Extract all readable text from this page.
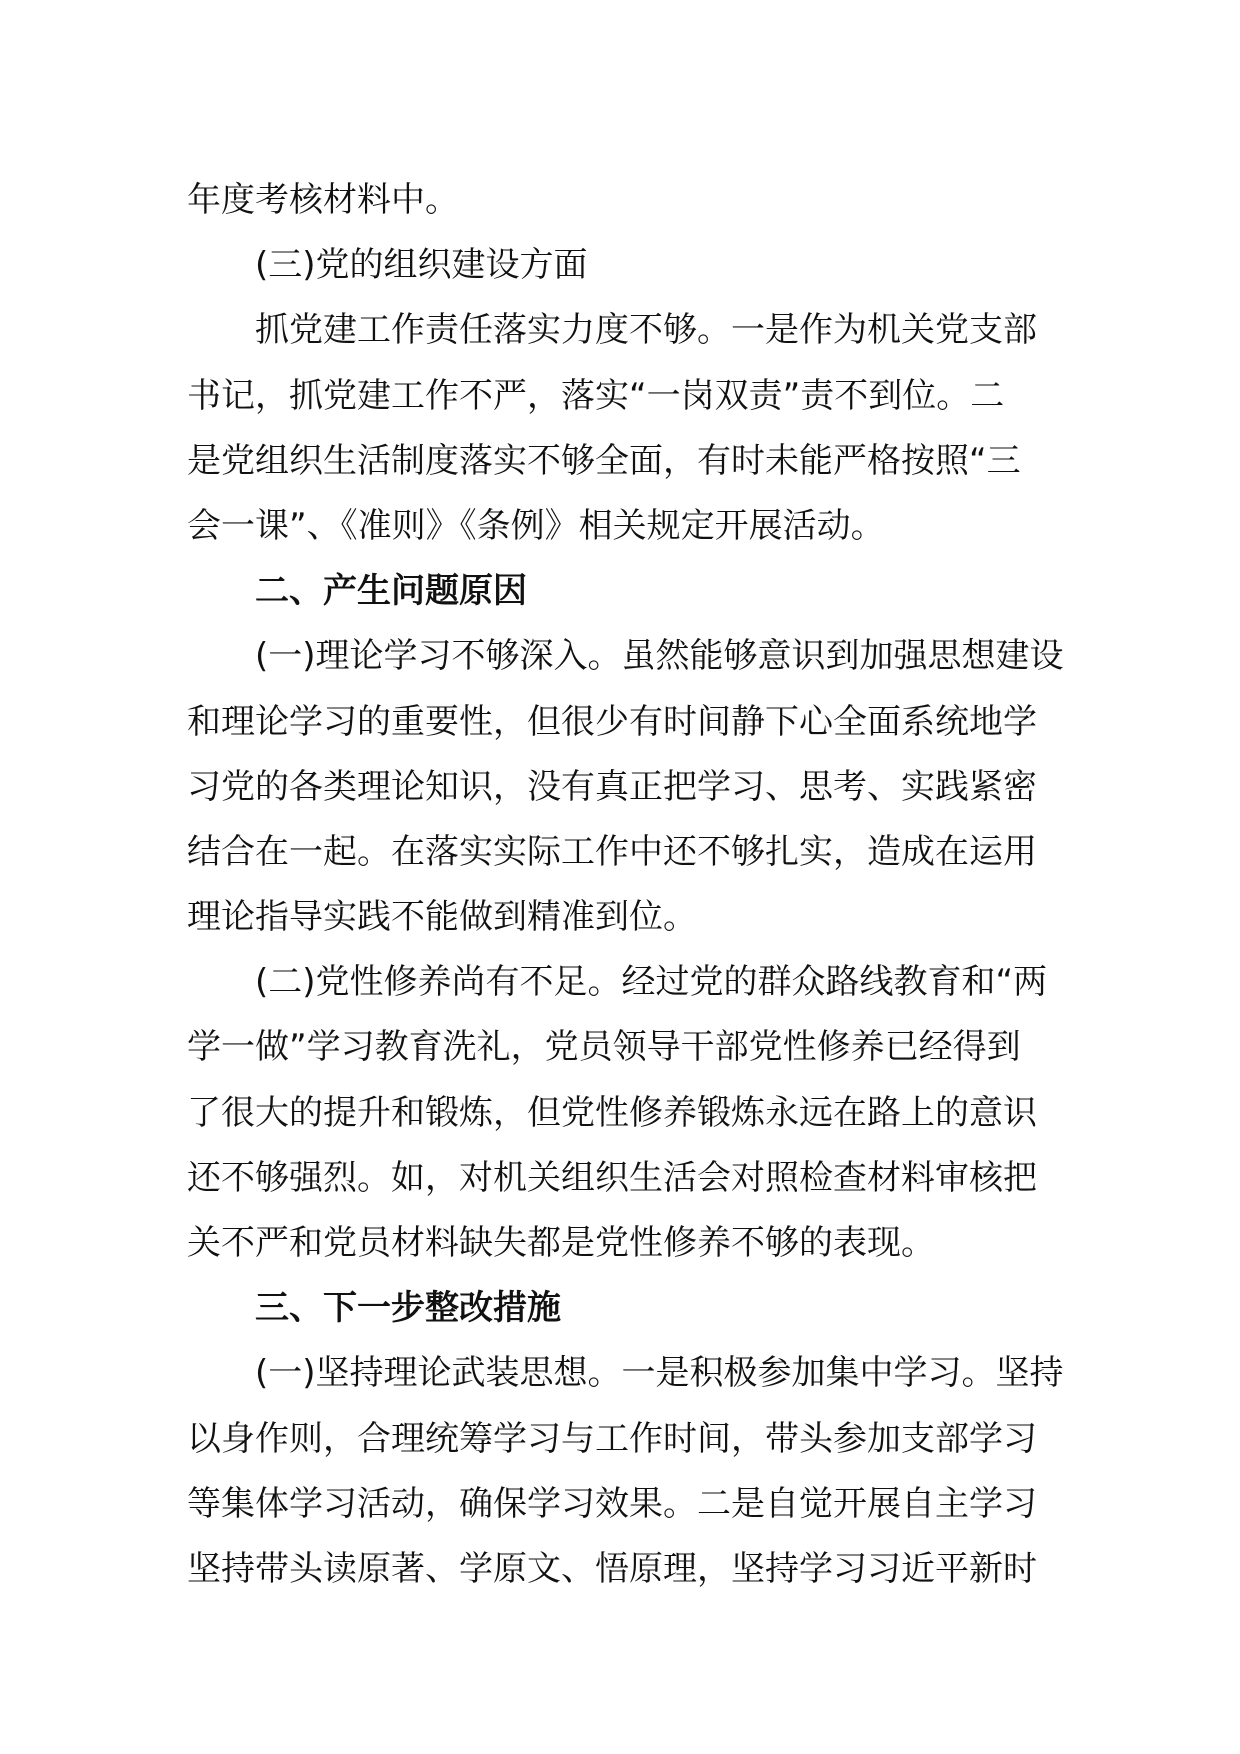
年度考核材料中。
(三)党的组织建设方面
抓党建工作责任落实力度不够。一是作为机关党支部
书记，抓党建工作不严，落实“一岗双责”责不到位。二
是党组织生活制度落实不够全面，有时未能严格按照“三
会一课”、《准则》《条例》相关规定开展活动。
二、产生问题原因
(一)理论学习不够深入。虽然能够意识到加强思想建设
和理论学习的重要性，但很少有时间静下心全面系统地学
习党的各类理论知识，没有真正把学习、思考、实践紧密
结合在一起。在落实实际工作中还不够扎实，造成在运用
理论指导实践不能做到精准到位。
(二)党性修养尚有不足。经过党的群众路线教育和“两
学一做”学习教育洗礼，党员领导干部党性修养已经得到
了很大的提升和锻炼，但党性修养锻炼永远在路上的意识
还不够强烈。如，对机关组织生活会对照检查材料审核把
关不严和党员材料缺失都是党性修养不够的表现。
三、下一步整改措施
(一)坚持理论武装思想。一是积极参加集中学习。坚持
以身作则，合理统筹学习与工作时间，带头参加支部学习
等集体学习活动，确保学习效果。二是自觉开展自主学习
坚持带头读原著、学原文、悟原理，坚持学习习近平新时
